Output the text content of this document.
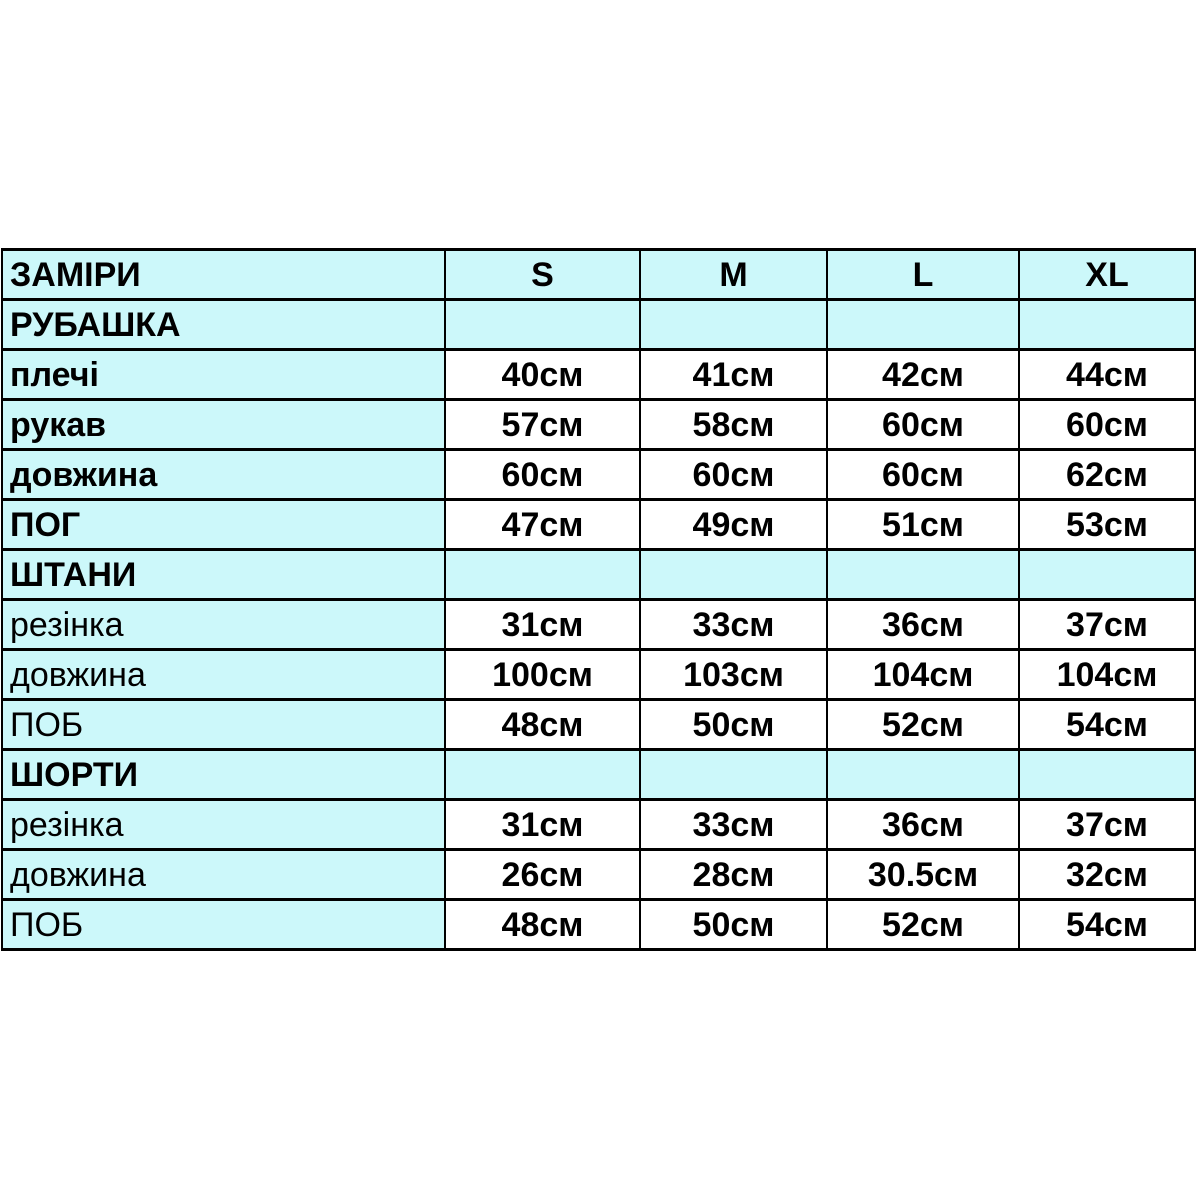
ЗАМІРИ	S	M	L	XL
РУБАШКА				
плечі	40см	41см	42см	44см
рукав	57см	58см	60см	60см
довжина	60см	60см	60см	62см
ПОГ	47см	49см	51см	53см
ШТАНИ				
резінка	31см	33см	36см	37см
довжина	100см	103см	104см	104см
ПОБ	48см	50см	52см	54см
ШОРТИ				
резінка	31см	33см	36см	37см
довжина	26см	28см	30.5см	32см
ПОБ	48см	50см	52см	54см
